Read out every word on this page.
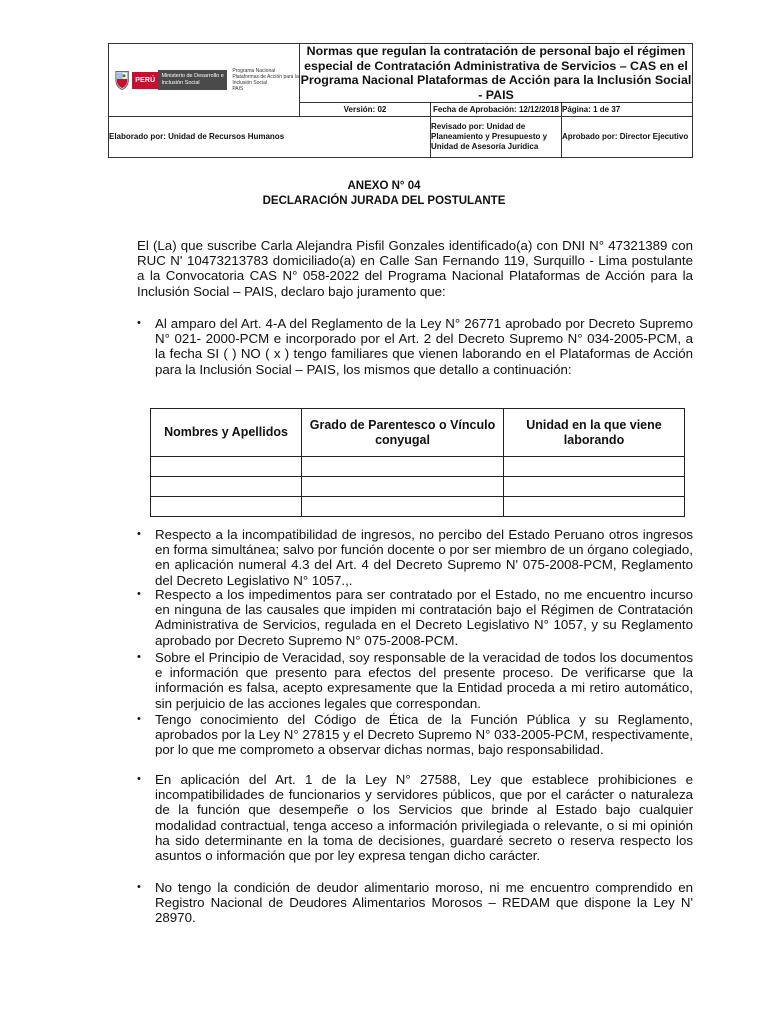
PERÚ
Ministerio de Desarrollo e Inclusión Social
Programa Nacional Plataformas de Acción para la Inclusión Social
PAIS	Normas que regulan la contratación de personal bajo el régimen especial de Contratación Administrativa de Servicios – CAS en el Programa Nacional Plataformas de Acción para la Inclusión Social - PAIS		
	Versión: 02	Fecha de Aprobación: 12/12/2018	Página: 1 de 37
Elaborado por: Unidad de Recursos Humanos		Revisado por: Unidad de Planeamiento y Presupuesto y Unidad de Asesoría Jurídica	Aprobado por: Director Ejecutivo
ANEXO N° 04
DECLARACIÓN JURADA DEL POSTULANTE
El (La) que suscribe Carla Alejandra Pisfil Gonzales identificado(a) con DNI N° 47321389 con RUC N' 10473213783 domiciliado(a) en Calle San Fernando 119, Surquillo - Lima postulante a la Convocatoria CAS N° 058-2022 del Programa Nacional Plataformas de Acción para la Inclusión Social – PAIS, declaro bajo juramento que:
• Al amparo del Art. 4-A del Reglamento de la Ley N° 26771 aprobado por Decreto Supremo N° 021- 2000-PCM e incorporado por el Art. 2 del Decreto Supremo N° 034-2005-PCM, a la fecha SI ( ) NO ( x ) tengo familiares que vienen laborando en el Plataformas de Acción para la Inclusión Social – PAIS, los mismos que detallo a continuación:
Nombres y Apellidos	Grado de Parentesco o Vínculo conyugal	Unidad en la que viene laborando

• Respecto a la incompatibilidad de ingresos, no percibo del Estado Peruano otros ingresos en forma simultánea; salvo por función docente o por ser miembro de un órgano colegiado, en aplicación numeral 4.3 del Art. 4 del Decreto Supremo N' 075-2008-PCM, Reglamento del Decreto Legislativo N° 1057.,.
• Respecto a los impedimentos para ser contratado por el Estado, no me encuentro incurso en ninguna de las causales que impiden mi contratación bajo el Régimen de Contratación Administrativa de Servicios, regulada en el Decreto Legislativo N° 1057, y su Reglamento aprobado por Decreto Supremo N° 075-2008-PCM.
• Sobre el Principio de Veracidad, soy responsable de la veracidad de todos los documentos e información que presento para efectos del presente proceso. De verificarse que la información es falsa, acepto expresamente que la Entidad proceda a mi retiro automático, sin perjuicio de las acciones legales que correspondan.
• Tengo conocimiento del Código de Ética de la Función Pública y su Reglamento, aprobados por la Ley N° 27815 y el Decreto Supremo N° 033-2005-PCM, respectivamente, por lo que me comprometo a observar dichas normas, bajo responsabilidad.
• En aplicación del Art. 1 de la Ley N° 27588, Ley que establece prohibiciones e incompatibilidades de funcionarios y servidores públicos, que por el carácter o naturaleza de la función que desempeñe o los Servicios que brinde al Estado bajo cualquier modalidad contractual, tenga acceso a información privilegiada o relevante, o si mi opinión ha sido determinante en la toma de decisiones, guardaré secreto o reserva respecto los asuntos o información que por ley expresa tengan dicho carácter.
• No tengo la condición de deudor alimentario moroso, ni me encuentro comprendido en Registro Nacional de Deudores Alimentarios Morosos – REDAM que dispone la Ley N' 28970.
